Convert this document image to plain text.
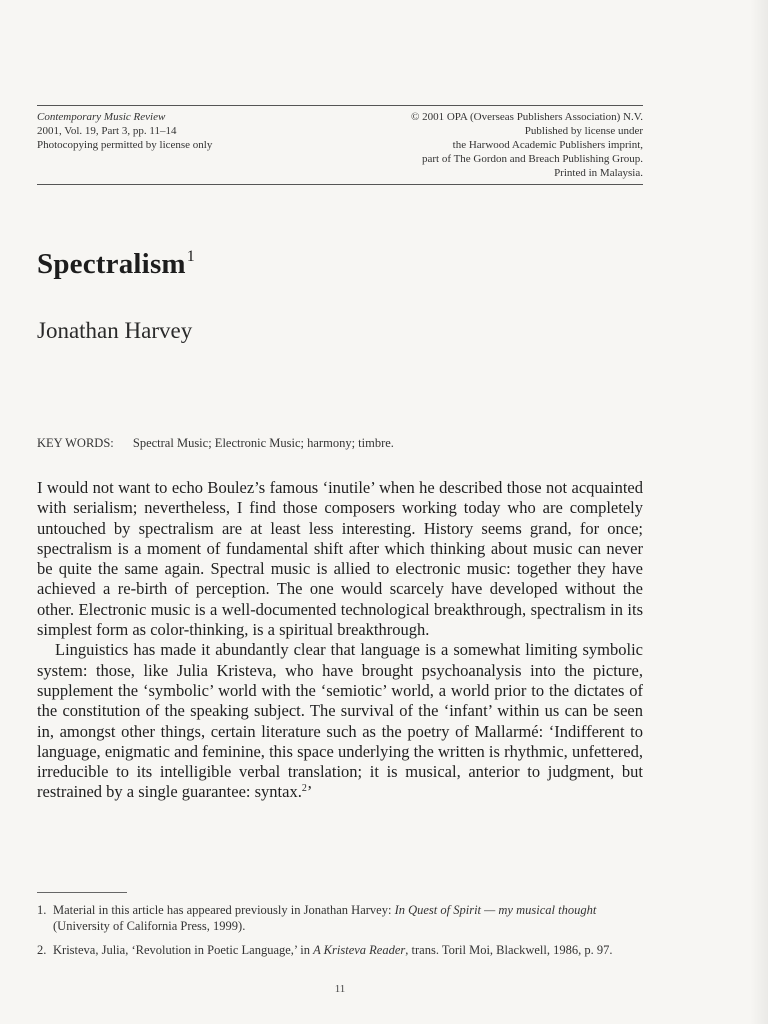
Contemporary Music Review
2001, Vol. 19, Part 3, pp. 11–14
Photocopying permitted by license only
© 2001 OPA (Overseas Publishers Association) N.V.
Published by license under
the Harwood Academic Publishers imprint,
part of The Gordon and Breach Publishing Group.
Printed in Malaysia.
Spectralism$^1$
Jonathan Harvey
KEY WORDS: Spectral Music; Electronic Music; harmony; timbre.

I would not want to echo Boulez’s famous ‘inutile’ when he described those not acquainted with serialism; nevertheless, I find those composers working today who are completely untouched by spectralism are at least less interesting. History seems grand, for once; spectralism is a moment of fundamental shift after which thinking about music can never be quite the same again. Spectral music is allied to electronic music: together they have achieved a re-birth of perception. The one would scarcely have developed without the other. Electronic music is a well-documented technological breakthrough, spectralism in its simplest form as color-thinking, is a spiritual breakthrough.

Linguistics has made it abundantly clear that language is a somewhat limiting symbolic system: those, like Julia Kristeva, who have brought psychoanalysis into the picture, supplement the ‘symbolic’ world with the ‘semiotic’ world, a world prior to the dictates of the constitution of the speaking subject. The survival of the ‘infant’ within us can be seen in, amongst other things, certain literature such as the poetry of Mallarmé: ‘Indifferent to language, enigmatic and feminine, this space underlying the written is rhythmic, unfettered, irreducible to its intelligible verbal translation; it is musical, anterior to judgment, but restrained by a single guarantee: syntax.$^2$’

1. Material in this article has appeared previously in Jonathan Harvey: In Quest of Spirit — my musical thought (University of California Press, 1999).
2. Kristeva, Julia, ‘Revolution in Poetic Language,’ in A Kristeva Reader, trans. Toril Moi, Blackwell, 1986, p. 97.
11
